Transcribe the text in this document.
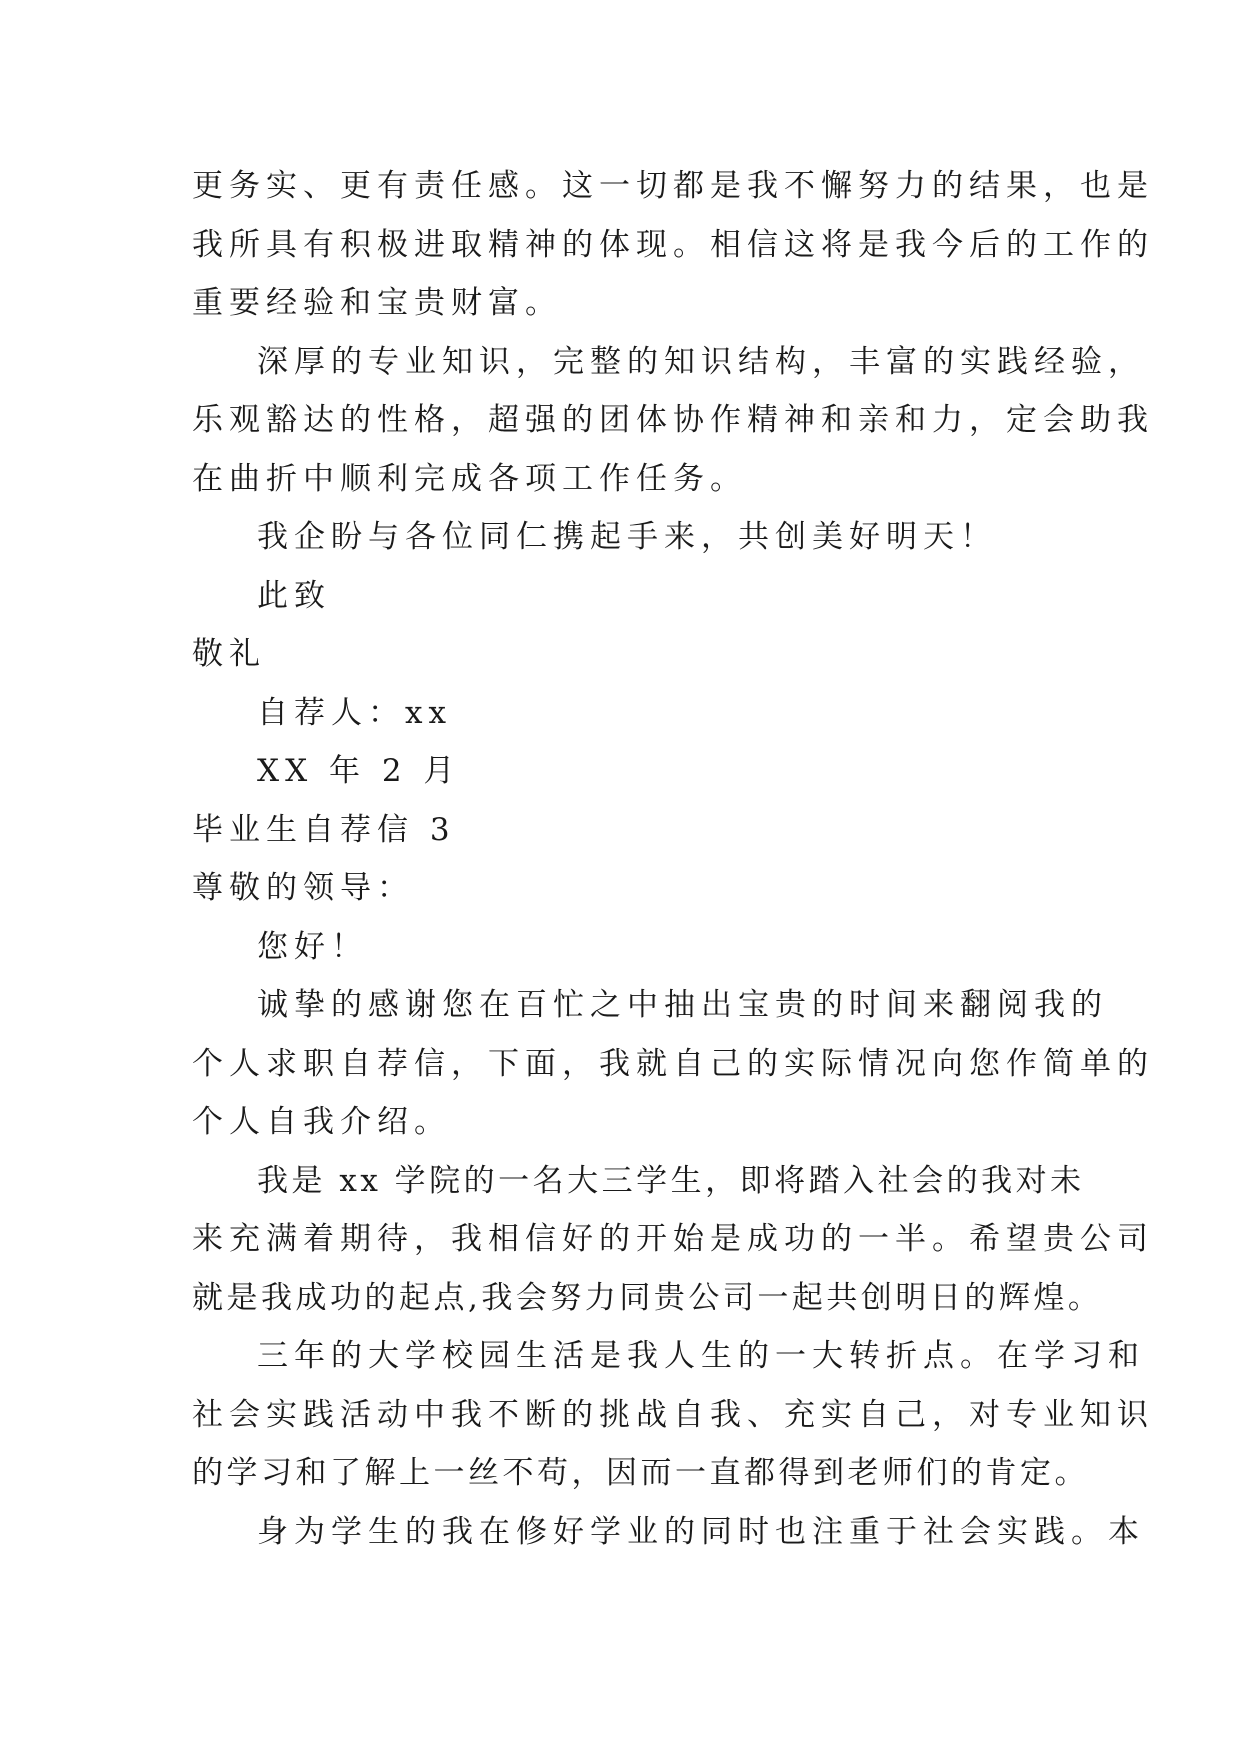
更务实、更有责任感。这一切都是我不懈努力的结果，也是
我所具有积极进取精神的体现。相信这将是我今后的工作的
重要经验和宝贵财富。
深厚的专业知识，完整的知识结构，丰富的实践经验，
乐观豁达的性格，超强的团体协作精神和亲和力，定会助我
在曲折中顺利完成各项工作任务。
我企盼与各位同仁携起手来，共创美好明天！
此致
敬礼
自荐人：xx
XX 年 2 月
毕业生自荐信 3
尊敬的领导：
您好！
诚挚的感谢您在百忙之中抽出宝贵的时间来翻阅我的
个人求职自荐信，下面，我就自己的实际情况向您作简单的
个人自我介绍。
我是 xx 学院的一名大三学生，即将踏入社会的我对未
来充满着期待，我相信好的开始是成功的一半。希望贵公司
就是我成功的起点,我会努力同贵公司一起共创明日的辉煌。
三年的大学校园生活是我人生的一大转折点。在学习和
社会实践活动中我不断的挑战自我、充实自己，对专业知识
的学习和了解上一丝不苟，因而一直都得到老师们的肯定。
身为学生的我在修好学业的同时也注重于社会实践。本
